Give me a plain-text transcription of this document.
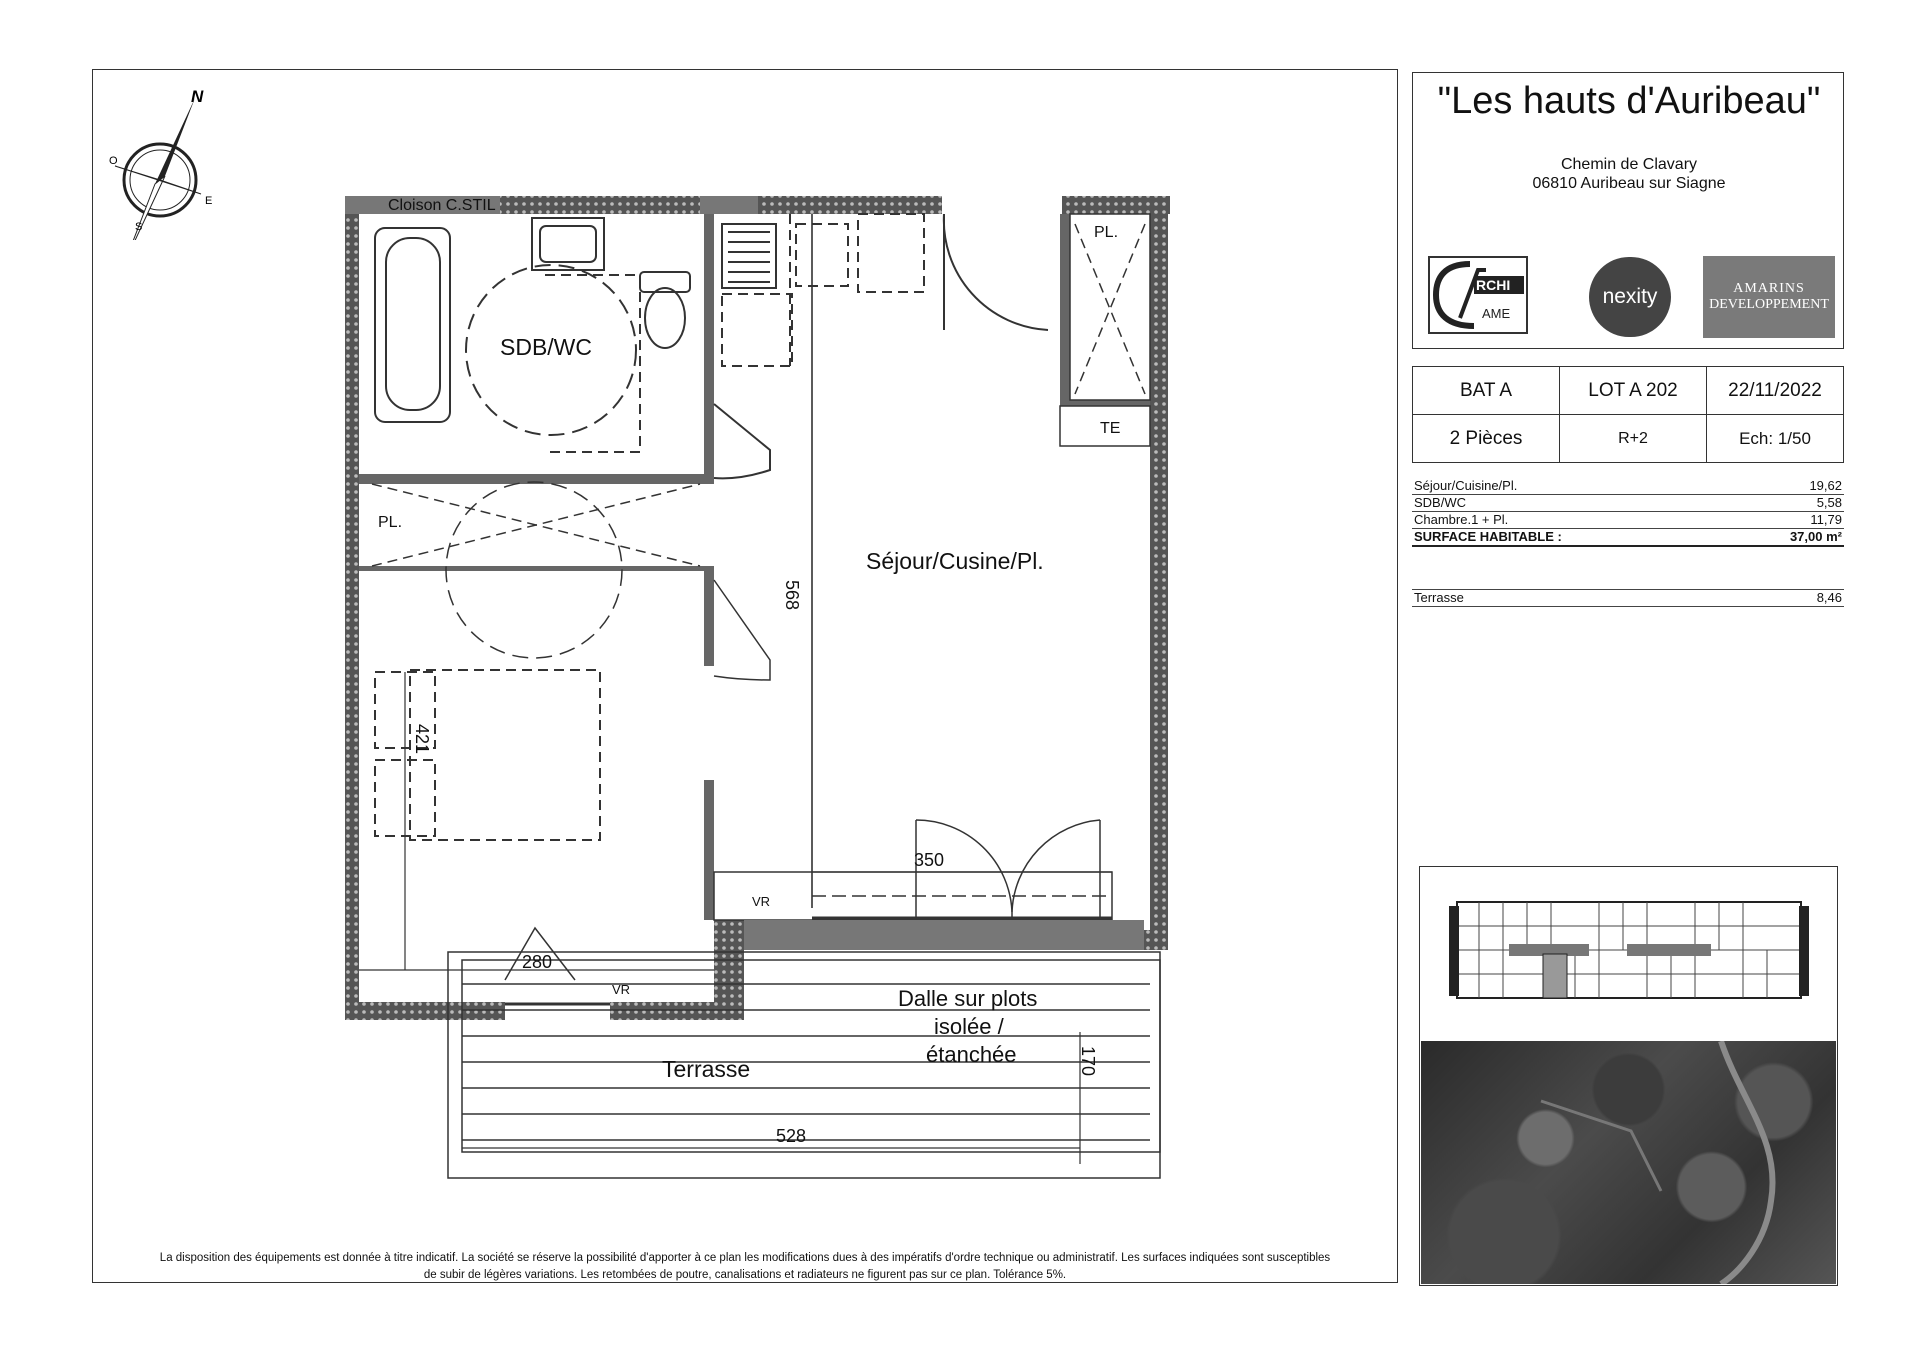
"Les hauts d'Auribeau"
Chemin de Clavary
06810 Auribeau sur Siagne
RCHI
AME
nexity	AMARINS
DEVELOPPEMENT
BAT A	LOT A 202	22/11/2022
2 Pièces	R+2	Ech: 1/50
Séjour/Cuisine/Pl.	19,62
SDB/WC	5,58
Chambre.1 + Pl.	11,79
SURFACE HABITABLE :	37,00 m²
Terrasse	8,46
N
O
E
S
Cloison C.STIL
SDB/WC
Séjour/Cusine/Pl.
PL.
PL.
TE
VR
VR
Terrasse
Dalle sur plots
isolée /
étanchée
568
421
350
280
170
528
La disposition des équipements est donnée à titre indicatif. La société se réserve la possibilité d'apporter à ce plan les modifications dues à des impératifs d'ordre technique ou administratif. Les surfaces indiquées sont susceptibles
de subir de légères variations. Les retombées de poutre, canalisations et radiateurs ne figurent pas sur ce plan. Tolérance 5%.
